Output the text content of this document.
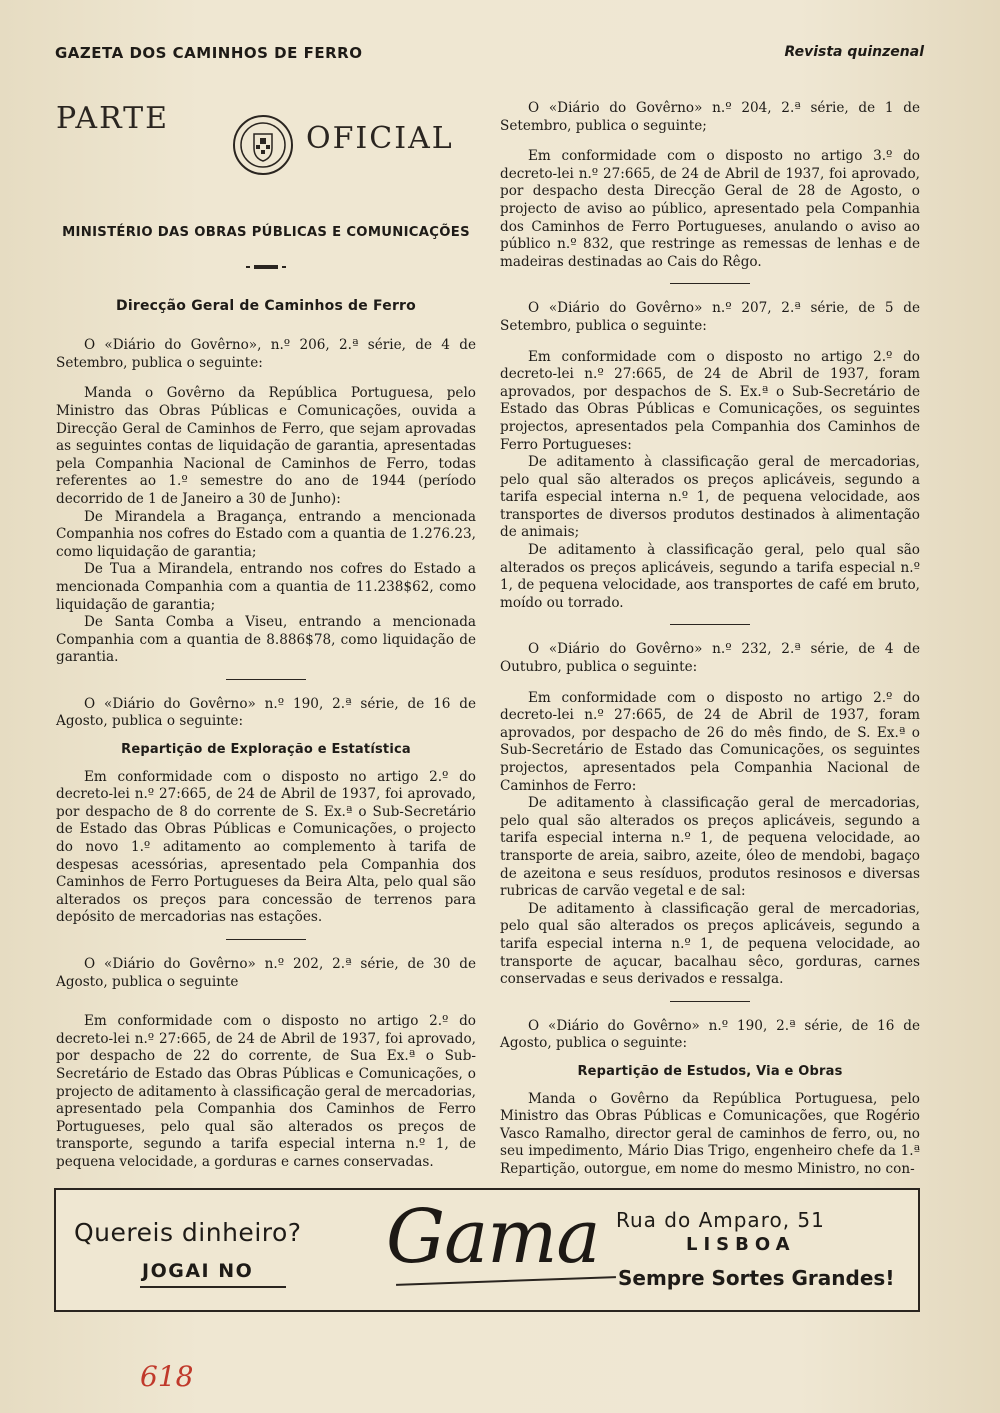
GAZETA DOS CAMINHOS DE FERRO	Revista quinzenal
PARTE
OFICIAL
MINISTÉRIO DAS OBRAS PÚBLICAS E COMUNICAÇÕES
Direcção Geral de Caminhos de Ferro

O «Diário do Govêrno», n.º 206, 2.ª série, de 4 de Setembro, publica o seguinte:

Manda o Govêrno da República Portuguesa, pelo Ministro das Obras Públicas e Comunicações, ouvida a Direcção Geral de Caminhos de Ferro, que sejam aprovadas as seguintes contas de liquidação de garantia, apresentadas pela Companhia Nacional de Caminhos de Ferro, todas referentes ao 1.º semestre do ano de 1944 (período decorrido de 1 de Janeiro a 30 de Junho):

De Mirandela a Bragança, entrando a mencionada Companhia nos cofres do Estado com a quantia de 1.276.23, como liquidação de garantia;

De Tua a Mirandela, entrando nos cofres do Estado a mencionada Companhia com a quantia de 11.238$62, como liquidação de garantia;

De Santa Comba a Viseu, entrando a mencionada Companhia com a quantia de 8.886$78, como liquidação de garantia.

O «Diário do Govêrno» n.º 190, 2.ª série, de 16 de Agosto, publica o seguinte:

Repartição de Exploração e Estatística

Em conformidade com o disposto no artigo 2.º do decreto-lei n.º 27:665, de 24 de Abril de 1937, foi aprovado, por despacho de 8 do corrente de S. Ex.ª o Sub-Secretário de Estado das Obras Públicas e Comunicações, o projecto do novo 1.º aditamento ao complemento à tarifa de despesas acessórias, apresentado pela Companhia dos Caminhos de Ferro Portugueses da Beira Alta, pelo qual são alterados os preços para concessão de terrenos para depósito de mercadorias nas estações.

O «Diário do Govêrno» n.º 202, 2.ª série, de 30 de Agosto, publica o seguinte

Em conformidade com o disposto no artigo 2.º do decreto-lei n.º 27:665, de 24 de Abril de 1937, foi aprovado, por despacho de 22 do corrente, de Sua Ex.ª o Sub-Secretário de Estado das Obras Públicas e Comunicações, o projecto de aditamento à classificação geral de mercadorias, apresentado pela Companhia dos Caminhos de Ferro Portugueses, pelo qual são alterados os preços de transporte, segundo a tarifa especial interna n.º 1, de pequena velocidade, a gorduras e carnes conservadas.

O «Diário do Govêrno» n.º 204, 2.ª série, de 1 de Setembro, publica o seguinte;

Em conformidade com o disposto no artigo 3.º do decreto-lei n.º 27:665, de 24 de Abril de 1937, foi aprovado, por despacho desta Direcção Geral de 28 de Agosto, o projecto de aviso ao público, apresentado pela Companhia dos Caminhos de Ferro Portugueses, anulando o aviso ao público n.º 832, que restringe as remessas de lenhas e de madeiras destinadas ao Cais do Rêgo.

O «Diário do Govêrno» n.º 207, 2.ª série, de 5 de Setembro, publica o seguinte:

Em conformidade com o disposto no artigo 2.º do decreto-lei n.º 27:665, de 24 de Abril de 1937, foram aprovados, por despachos de S. Ex.ª o Sub-Secretário de Estado das Obras Públicas e Comunicações, os seguintes projectos, apresentados pela Companhia dos Caminhos de Ferro Portugueses:

De aditamento à classificação geral de mercadorias, pelo qual são alterados os preços aplicáveis, segundo a tarifa especial interna n.º 1, de pequena velocidade, aos transportes de diversos produtos destinados à alimentação de animais;

De aditamento à classificação geral, pelo qual são alterados os preços aplicáveis, segundo a tarifa especial n.º 1, de pequena velocidade, aos transportes de café em bruto, moído ou torrado.

O «Diário do Govêrno» n.º 232, 2.ª série, de 4 de Outubro, publica o seguinte:

Em conformidade com o disposto no artigo 2.º do decreto-lei n.º 27:665, de 24 de Abril de 1937, foram aprovados, por despacho de 26 do mês findo, de S. Ex.ª o Sub-Secretário de Estado das Comunicações, os seguintes projectos, apresentados pela Companhia Nacional de Caminhos de Ferro:

De aditamento à classificação geral de mercadorias, pelo qual são alterados os preços aplicáveis, segundo a tarifa especial interna n.º 1, de pequena velocidade, ao transporte de areia, saibro, azeite, óleo de mendobi, bagaço de azeitona e seus resíduos, produtos resinosos e diversas rubricas de carvão vegetal e de sal:

De aditamento à classificação geral de mercadorias, pelo qual são alterados os preços aplicáveis, segundo a tarifa especial interna n.º 1, de pequena velocidade, ao transporte de açucar, bacalhau sêco, gorduras, carnes conservadas e seus derivados e ressalga.

O «Diário do Govêrno» n.º 190, 2.ª série, de 16 de Agosto, publica o seguinte:

Repartição de Estudos, Via e Obras

Manda o Govêrno da República Portuguesa, pelo Ministro das Obras Públicas e Comunicações, que Rogério Vasco Ramalho, director geral de caminhos de ferro, ou, no seu impedimento, Mário Dias Trigo, engenheiro chefe da 1.ª Repartição, outorgue, em nome do mesmo Ministro, no con-

Quereis dinheiro?
JOGAI NO Gama Rua do Amparo, 51
LISBOA
Sempre Sortes Grandes!
618
